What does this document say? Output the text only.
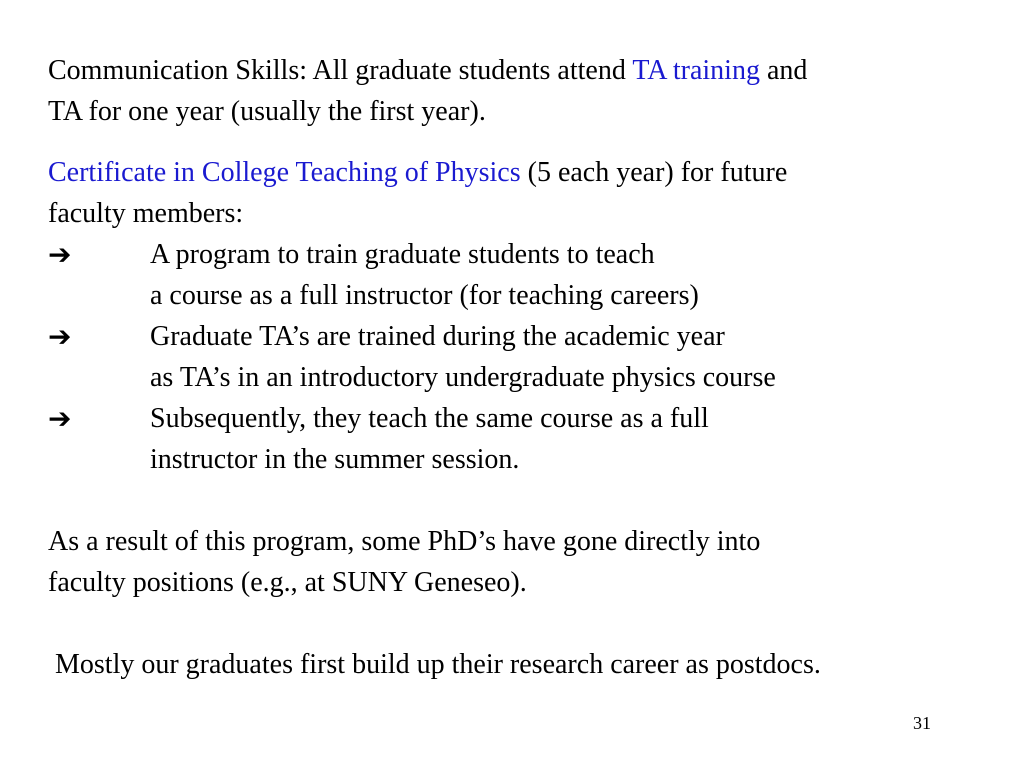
Communication Skills: All graduate students attend TA training and
TA for one year (usually the first year).
Certificate in College Teaching of Physics (5 each year) for future
faculty members:
➔	A program to train graduate students to teach
a course as a full instructor (for teaching careers)
➔	Graduate TA’s are trained during the academic year
as TA’s in an introductory undergraduate physics course
➔	Subsequently, they teach the same course as a full
instructor in the summer session.
As a result of this program, some PhD’s have gone directly into
faculty positions (e.g., at SUNY Geneseo).
Mostly our graduates first build up their research career as postdocs.
31
